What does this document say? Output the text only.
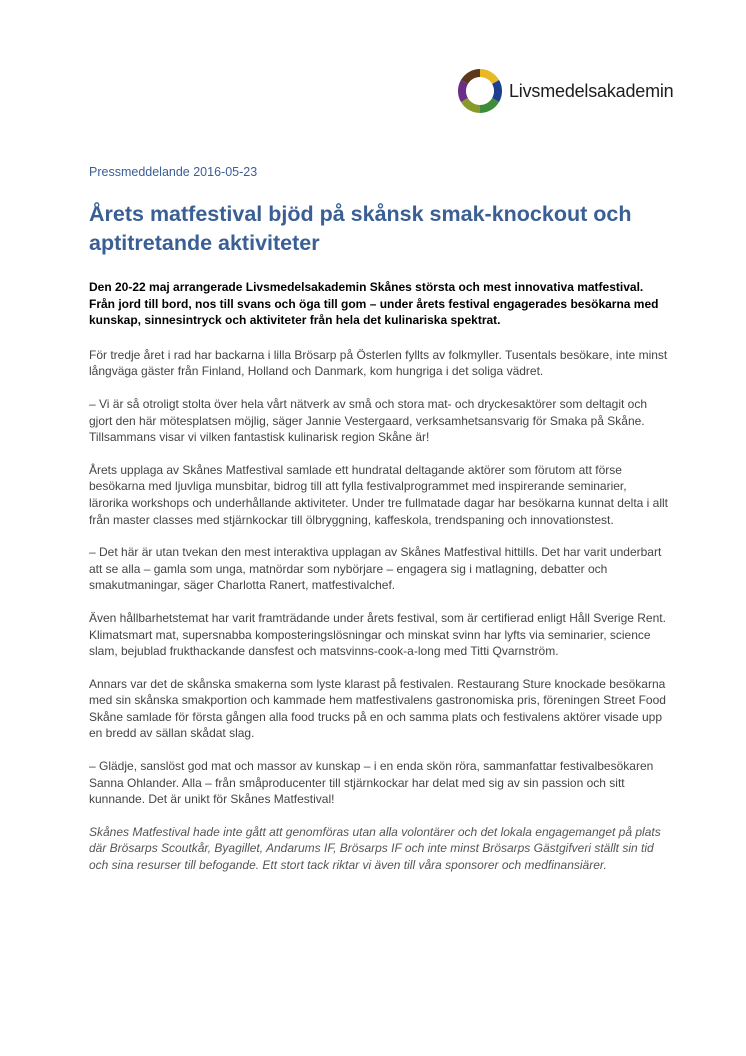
Livsmedelsakademin
Pressmeddelande 2016-05-23
Årets matfestival bjöd på skånsk smak-knockout och aptitretande aktiviteter

Den 20-22 maj arrangerade Livsmedelsakademin Skånes största och mest innovativa matfestival. Från jord till bord, nos till svans och öga till gom – under årets festival engagerades besökarna med kunskap, sinnesintryck och aktiviteter från hela det kulinariska spektrat.

För tredje året i rad har backarna i lilla Brösarp på Österlen fyllts av folkmyller. Tusentals besökare, inte minst långväga gäster från Finland, Holland och Danmark, kom hungriga i det soliga vädret.

– Vi är så otroligt stolta över hela vårt nätverk av små och stora mat- och dryckesaktörer som deltagit och gjort den här mötesplatsen möjlig, säger Jannie Vestergaard, verksamhetsansvarig för Smaka på Skåne. Tillsammans visar vi vilken fantastisk kulinarisk region Skåne är!

Årets upplaga av Skånes Matfestival samlade ett hundratal deltagande aktörer som förutom att förse besökarna med ljuvliga munsbitar, bidrog till att fylla festivalprogrammet med inspirerande seminarier, lärorika workshops och underhållande aktiviteter. Under tre fullmatade dagar har besökarna kunnat delta i allt från master classes med stjärnkockar till ölbryggning, kaffeskola, trendspaning och innovationstest.

– Det här är utan tvekan den mest interaktiva upplagan av Skånes Matfestival hittills. Det har varit underbart att se alla – gamla som unga, matnördar som nybörjare – engagera sig i matlagning, debatter och smakutmaningar, säger Charlotta Ranert, matfestivalchef.

Även hållbarhetstemat har varit framträdande under årets festival, som är certifierad enligt Håll Sverige Rent. Klimatsmart mat, supersnabba komposteringslösningar och minskat svinn har lyfts via seminarier, science slam, bejublad frukthackande dansfest och matsvinns-cook-a-long med Titti Qvarnström.

Annars var det de skånska smakerna som lyste klarast på festivalen. Restaurang Sture knockade besökarna med sin skånska smakportion och kammade hem matfestivalens gastronomiska pris, föreningen Street Food Skåne samlade för första gången alla food trucks på en och samma plats och festivalens aktörer visade upp en bredd av sällan skådat slag.

– Glädje, sanslöst god mat och massor av kunskap – i en enda skön röra, sammanfattar festivalbesökaren Sanna Ohlander. Alla – från småproducenter till stjärnkockar har delat med sig av sin passion och sitt kunnande. Det är unikt för Skånes Matfestival!

Skånes Matfestival hade inte gått att genomföras utan alla volontärer och det lokala engagemanget på plats där Brösarps Scoutkår, Byagillet, Andarums IF, Brösarps IF och inte minst Brösarps Gästgifveri ställt sin tid och sina resurser till befogande. Ett stort tack riktar vi även till våra sponsorer och medfinansiärer.
